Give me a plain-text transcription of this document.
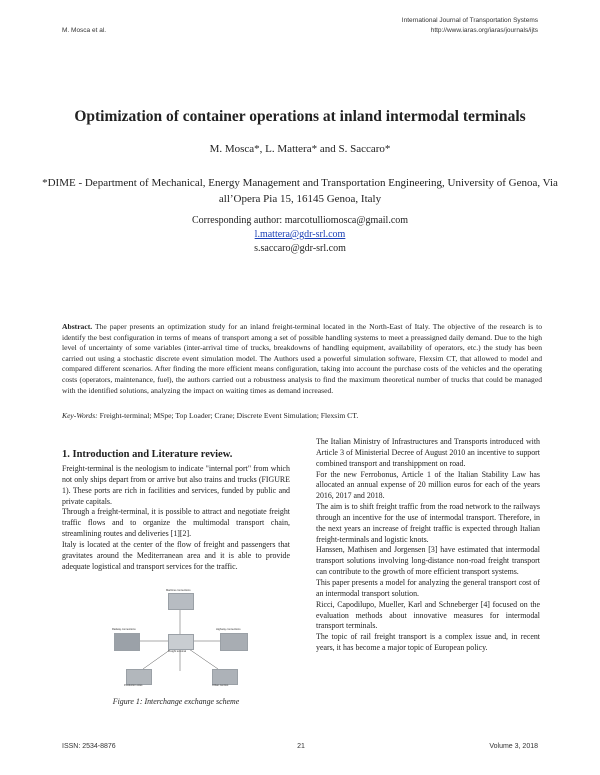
M. Mosca et al.
International Journal of Transportation Systems
http://www.iaras.org/iaras/journals/ijts
Optimization of container operations at inland intermodal terminals
M. Mosca*, L. Mattera* and S. Saccaro*
*DIME - Department of Mechanical, Energy Management and Transportation Engineering, University of Genoa, Via all’Opera Pia 15, 16145 Genoa, Italy
Corresponding author: marcotulliomosca@gmail.com
l.mattera@gdr-srl.com
s.saccaro@gdr-srl.com
Abstract. The paper presents an optimization study for an inland freight-terminal located in the North-East of Italy. The objective of the research is to identify the best configuration in terms of means of transport among a set of possible handling systems to meet a preassigned daily demand. Due to the high level of uncertainty of some variables (inter-arrival time of trucks, breakdowns of handling equipment, availability of operators, etc.) the study has been carried out using a stochastic discrete event simulation model. The Authors used a powerful simulation software, Flexsim CT, that allowed to model and compared different scenarios. After finding the more efficient means configuration, taking into account the purchase costs of the vehicles and the operating costs (operators, maintenance, fuel), the authors carried out a robustness analysis to find the maximum theoretical number of trucks that could be managed with the identified solutions, analyzing the impact on waiting times as demand increased.
Key-Words: Freight-terminal; MSpe; Top Loader; Crane; Discrete Event Simulation; Flexsim CT.
1. Introduction and Literature review.

Freight-terminal is the neologism to indicate "internal port" from which not only ships depart from or arrive but also trains and trucks (FIGURE 1). These ports are rich in facilities and services, funded by public and private capitals.

Through a freight-terminal, it is possible to attract and negotiate freight traffic flows and to organize the multimodal transport chain, streamlining routes and deliveries [1][2].

Italy is located at the center of the flow of freight and passengers that gravitates around the Mediterranean area and it is able to provide adequate logistical and transport services for the traffic.

Maritime connections
Railway connections	Highway connections
Freight terminal
Production sites	Urban centres
Figure 1: Interchange exchange scheme

The Italian Ministry of Infrastructures and Transports introduced with Article 3 of Ministerial Decree of August 2010 an incentive to support combined transport and transhippment on road.

For the new Ferrobonus, Article 1 of the Italian Stability Law has allocated an annual expense of 20 million euros for each of the years 2016, 2017 and 2018.

The aim is to shift freight traffic from the road network to the railways through an incentive for the use of intermodal transport. Therefore, in the next years an increase of freight traffic is expected through Italian freight-terminals and logistic knots.

Hanssen, Mathisen and Jorgensen [3] have estimated that intermodal transport solutions involving long-distance non-road freight transport can contribute to the growth of more efficient transport systems.

This paper presents a model for analyzing the general transport cost of an intermodal transport solution.

Ricci, Capodilupo, Mueller, Karl and Schneberger [4] focused on the evaluation methods about innovative measures for intermodal transport terminals.

The topic of rail freight transport is a complex issue and, in recent years, it has become a major topic of European policy.

ISSN: 2534-8876	21	Volume 3, 2018
